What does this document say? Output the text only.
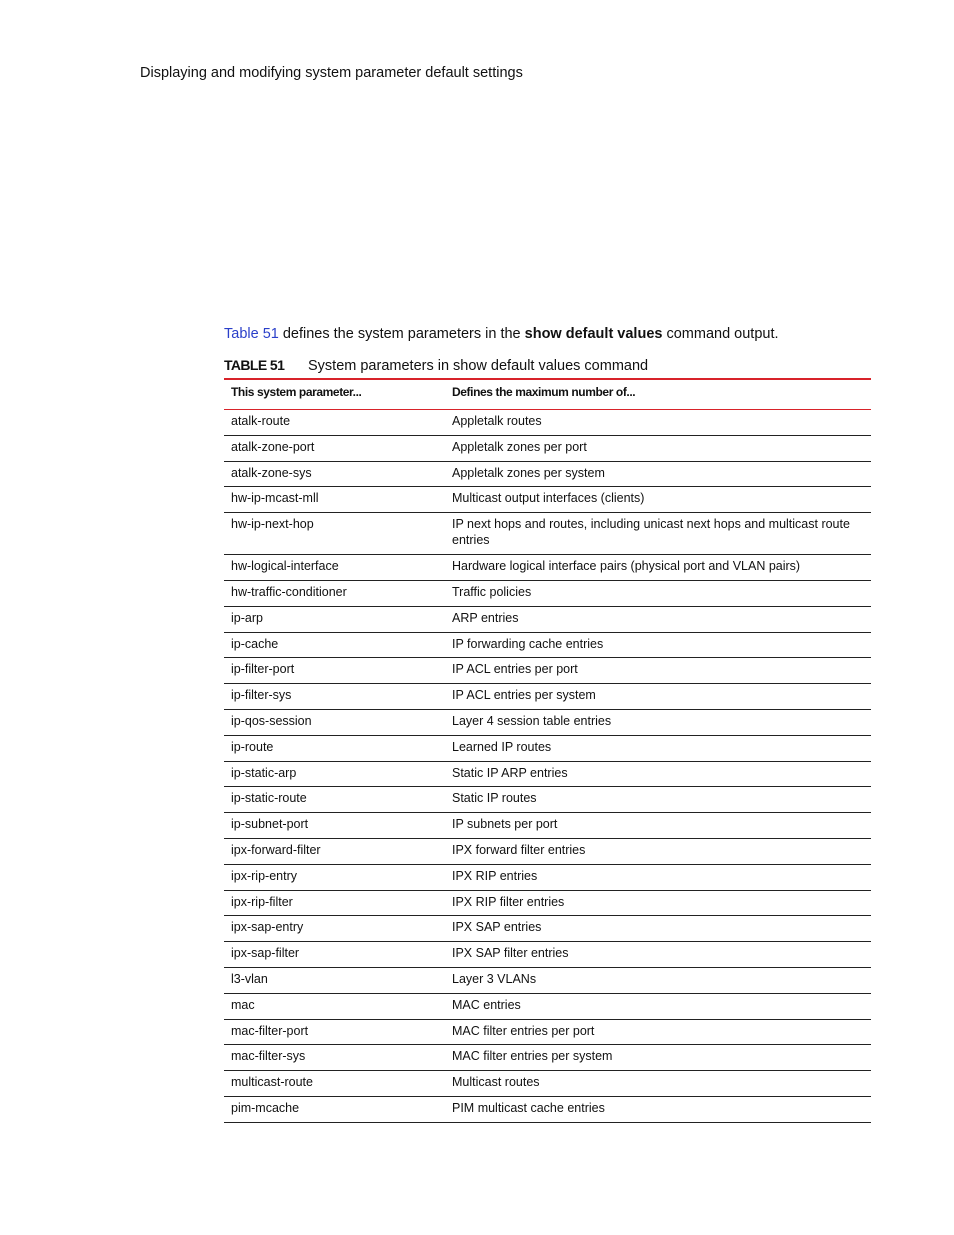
Displaying and modifying system parameter default settings
Table 51 defines the system parameters in the show default values command output.
TABLE 51 System parameters in show default values command
This system parameter...	Defines the maximum number of...
atalk-route	Appletalk routes
atalk-zone-port	Appletalk zones per port
atalk-zone-sys	Appletalk zones per system
hw-ip-mcast-mll	Multicast output interfaces (clients)
hw-ip-next-hop	IP next hops and routes, including unicast next hops and multicast route entries
hw-logical-interface	Hardware logical interface pairs (physical port and VLAN pairs)
hw-traffic-conditioner	Traffic policies
ip-arp	ARP entries
ip-cache	IP forwarding cache entries
ip-filter-port	IP ACL entries per port
ip-filter-sys	IP ACL entries per system
ip-qos-session	Layer 4 session table entries
ip-route	Learned IP routes
ip-static-arp	Static IP ARP entries
ip-static-route	Static IP routes
ip-subnet-port	IP subnets per port
ipx-forward-filter	IPX forward filter entries
ipx-rip-entry	IPX RIP entries
ipx-rip-filter	IPX RIP filter entries
ipx-sap-entry	IPX SAP entries
ipx-sap-filter	IPX SAP filter entries
l3-vlan	Layer 3 VLANs
mac	MAC entries
mac-filter-port	MAC filter entries per port
mac-filter-sys	MAC filter entries per system
multicast-route	Multicast routes
pim-mcache	PIM multicast cache entries
